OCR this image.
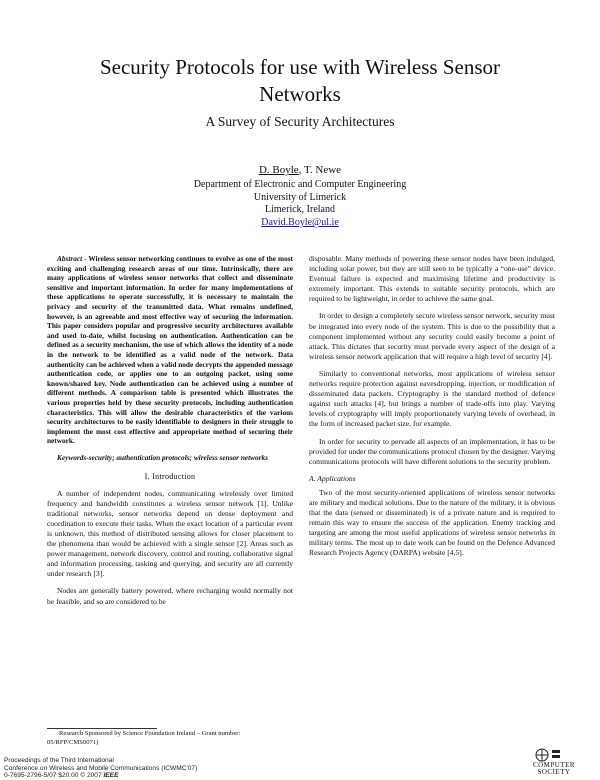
Security Protocols for use with Wireless Sensor
Networks
A Survey of Security Architectures
D. Boyle, T. Newe
Department of Electronic and Computer Engineering
University of Limerick
Limerick, Ireland
David.Boyle@ul.ie

Abstract - Wireless sensor networking continues to evolve as one of the most exciting and challenging research areas of our time. Intrinsically, there are many applications of wireless sensor networks that collect and disseminate sensitive and important information. In order for many implementations of these applications to operate successfully, it is necessary to maintain the privacy and security of the transmitted data. What remains undefined, however, is an agreeable and most effective way of securing the information. This paper considers popular and progressive security architectures available and used to-date, whilst focusing on authentication. Authentication can be defined as a security mechanism, the use of which allows the identity of a node in the network to be identified as a valid node of the network. Data authenticity can be achieved when a valid node decrypts the appended message authentication code, or applies one to an outgoing packet, using some known/shared key. Node authentication can be achieved using a number of different methods. A comparison table is presented which illustrates the various properties held by these security protocols, including authentication characteristics. This will allow the desirable characteristics of the various security architectures to be easily identifiable to designers in their struggle to implement the most cost effective and appropriate method of securing their network.

Keywords-security; authentication protocols; wireless sensor networks

I. Introduction

A number of independent nodes, communicating wirelessly over limited frequency and bandwidth constitutes a wireless sensor network [1]. Unlike traditional networks, sensor networks depend on dense deployment and coordination to execute their tasks. When the exact location of a particular event is unknown, this method of distributed sensing allows for closer placement to the phenomena than would be achieved with a single sensor [2]. Areas such as power management, network discovery, control and routing, collaborative signal and information processing, tasking and querying, and security are all currently under research [3].

Nodes are generally battery powered, where recharging would normally not be feasible, and so are considered to be

disposable. Many methods of powering these sensor nodes have been indulged, including solar power, but they are still seen to be typically a “one-use” device. Eventual failure is expected and maximising lifetime and productivity is extremely important. This extends to suitable security protocols, which are required to be lightweight, in order to achieve the same goal.

In order to design a completely secure wireless sensor network, security must be integrated into every node of the system. This is due to the possibility that a component implemented without any security could easily become a point of attack. This dictates that security must pervade every aspect of the design of a wireless sensor network application that will require a high level of security [4].

Similarly to conventional networks, most applications of wireless sensor networks require protection against eavesdropping, injection, or modification of disseminated data packets. Cryptography is the standard method of defence against such attacks [4], but brings a number of trade-offs into play. Varying levels of cryptography will imply proportionately varying levels of overhead, in the form of increased packet size, for example.

In order for security to pervade all aspects of an implementation, it has to be provided for under the communications protocol chosen by the designer. Varying communications protocols will have different solutions to the security problem.

A. Applications

Two of the most security-oriented applications of wireless sensor networks are military and medical solutions. Due to the nature of the military, it is obvious that the data (sensed or disseminated) is of a private nature and is required to remain this way to ensure the success of the application. Enemy tracking and targeting are among the most useful applications of wireless sensor networks in military terms. The most up to date work can be found on the Defence Advanced Research Projects Agency (DARPA) website [4,5].

Research Sponsored by Science Foundation Ireland – Grant number:
05/RFP/CMS0071)
Proceedings of the Third International
Conference on Wireless and Mobile Communications (ICWMC'07)
0-7695-2796-5/07 $20.00 © 2007 IEEE
COMPUTER
SOCIETY
